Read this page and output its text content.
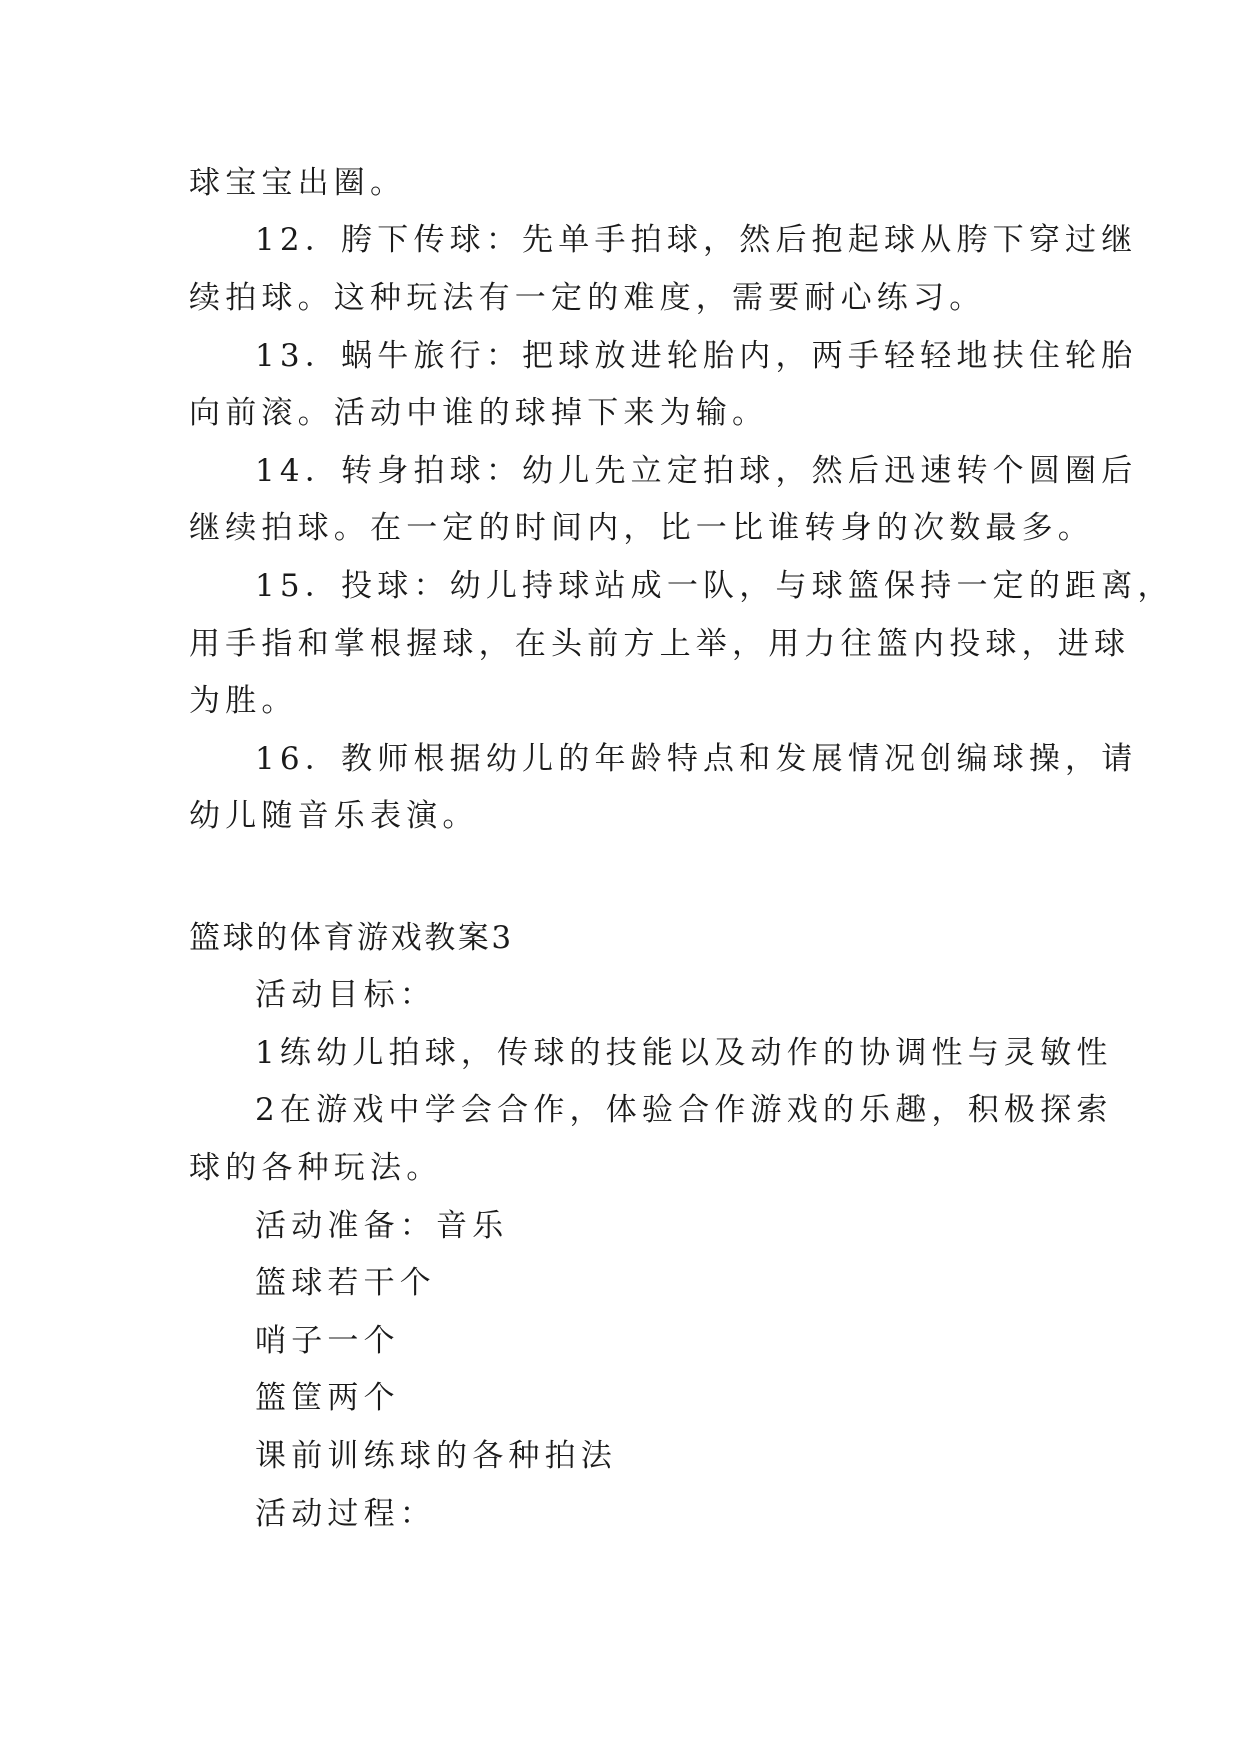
球宝宝出圈。
12．胯下传球：先单手拍球，然后抱起球从胯下穿过继
续拍球。这种玩法有一定的难度，需要耐心练习。
13．蜗牛旅行：把球放进轮胎内，两手轻轻地扶住轮胎
向前滚。活动中谁的球掉下来为输。
14．转身拍球：幼儿先立定拍球，然后迅速转个圆圈后
继续拍球。在一定的时间内，比一比谁转身的次数最多。
15．投球：幼儿持球站成一队，与球篮保持一定的距离，
用手指和掌根握球，在头前方上举，用力往篮内投球，进球
为胜。
16．教师根据幼儿的年龄特点和发展情况创编球操，请
幼儿随音乐表演。
篮球的体育游戏教案3
活动目标：
1练幼儿拍球，传球的技能以及动作的协调性与灵敏性
2在游戏中学会合作，体验合作游戏的乐趣，积极探索
球的各种玩法。
活动准备：音乐
篮球若干个
哨子一个
篮筐两个
课前训练球的各种拍法
活动过程：
